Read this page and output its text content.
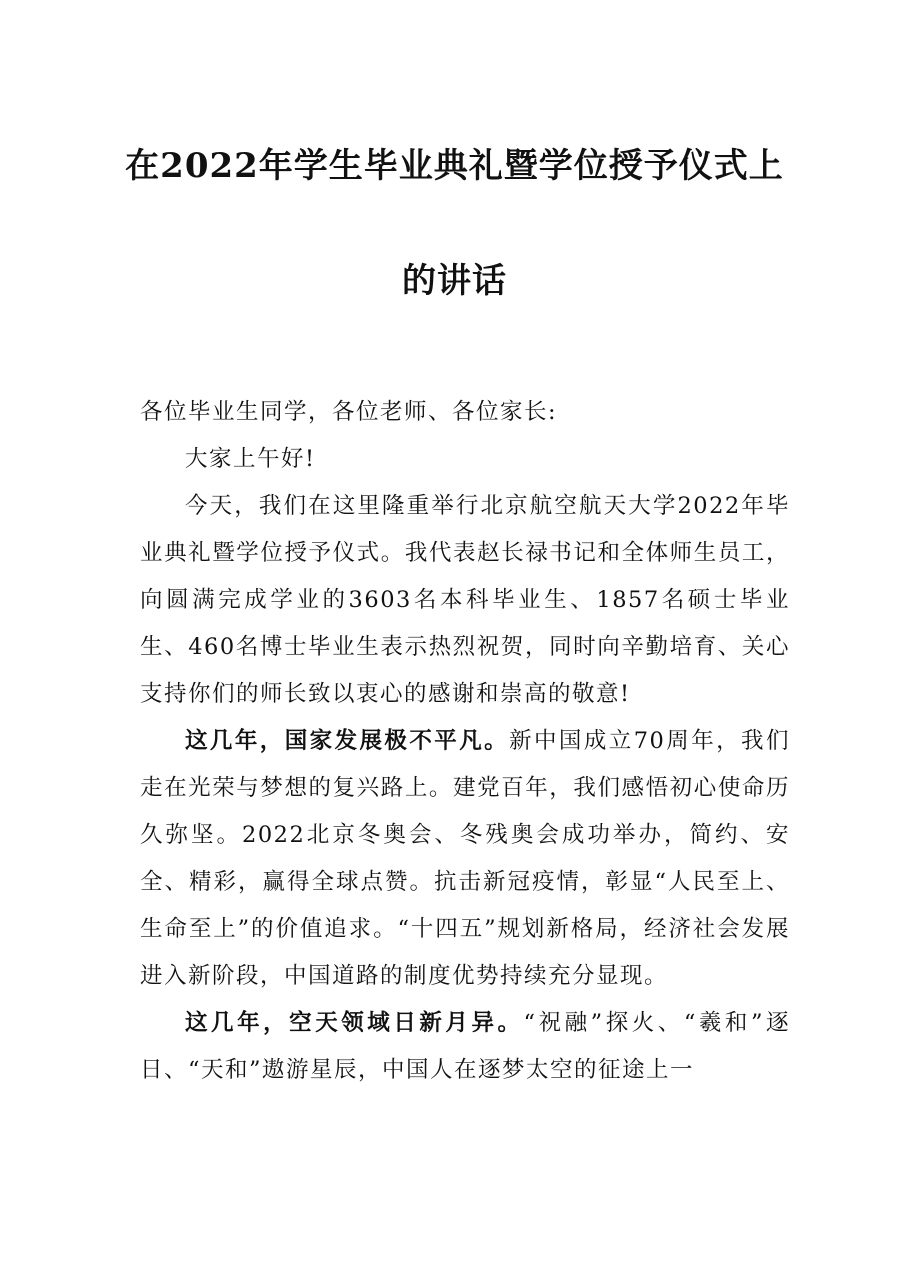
在2022年学生毕业典礼暨学位授予仪式上
的讲话

各位毕业生同学，各位老师、各位家长:

大家上午好!

今天，我们在这里隆重举行北京航空航天大学2022年毕业典礼暨学位授予仪式。我代表赵长禄书记和全体师生员工，向圆满完成学业的3603名本科毕业生、1857名硕士毕业生、460名博士毕业生表示热烈祝贺，同时向辛勤培育、关心支持你们的师长致以衷心的感谢和崇高的敬意!

这几年，国家发展极不平凡。新中国成立70周年，我们走在光荣与梦想的复兴路上。建党百年，我们感悟初心使命历久弥坚。2022北京冬奥会、冬残奥会成功举办，简约、安全、精彩，赢得全球点赞。抗击新冠疫情，彰显“人民至上、生命至上”的价值追求。“十四五”规划新格局，经济社会发展进入新阶段，中国道路的制度优势持续充分显现。

这几年，空天领域日新月异。“祝融”探火、“羲和”逐日、“天和”遨游星辰，中国人在逐梦太空的征途上一
